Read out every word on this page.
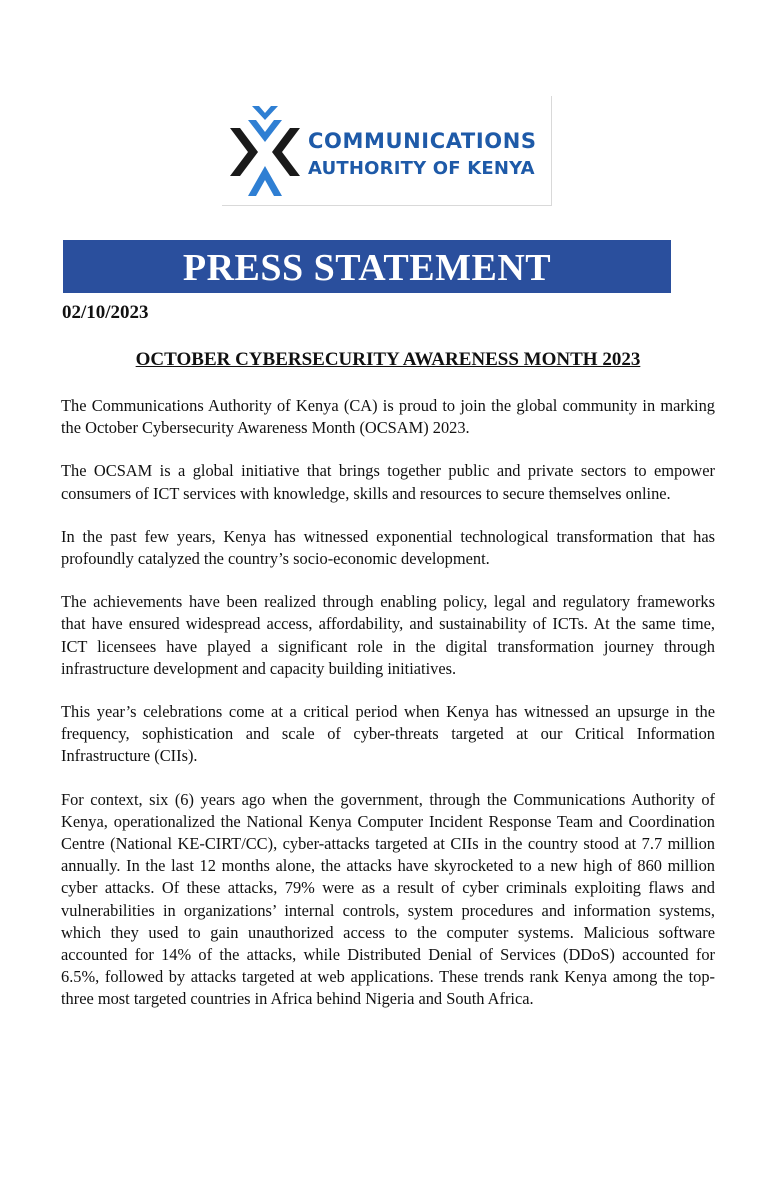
COMMUNICATIONS
AUTHORITY OF KENYA
PRESS STATEMENT
02/10/2023
OCTOBER CYBERSECURITY AWARENESS MONTH 2023

The Communications Authority of Kenya (CA) is proud to join the global community in marking the October Cybersecurity Awareness Month (OCSAM) 2023.

The OCSAM is a global initiative that brings together public and private sectors to empower consumers of ICT services with knowledge, skills and resources to secure themselves online.

In the past few years, Kenya has witnessed exponential technological transformation that has profoundly catalyzed the country’s socio-economic development.

The achievements have been realized through enabling policy, legal and regulatory frameworks that have ensured widespread access, affordability, and sustainability of ICTs. At the same time, ICT licensees have played a significant role in the digital transformation journey through infrastructure development and capacity building initiatives.

This year’s celebrations come at a critical period when Kenya has witnessed an upsurge in the frequency, sophistication and scale of cyber-threats targeted at our Critical Information Infrastructure (CIIs).

For context, six (6) years ago when the government, through the Communications Authority of Kenya, operationalized the National Kenya Computer Incident Response Team and Coordination Centre (National KE-CIRT/CC), cyber-attacks targeted at CIIs in the country stood at 7.7 million annually. In the last 12 months alone, the attacks have skyrocketed to a new high of 860 million cyber attacks. Of these attacks, 79% were as a result of cyber criminals exploiting flaws and vulnerabilities in organizations’ internal controls, system procedures and information systems, which they used to gain unauthorized access to the computer systems. Malicious software accounted for 14% of the attacks, while Distributed Denial of Services (DDoS) accounted for 6.5%, followed by attacks targeted at web applications. These trends rank Kenya among the top-three most targeted countries in Africa behind Nigeria and South Africa.
